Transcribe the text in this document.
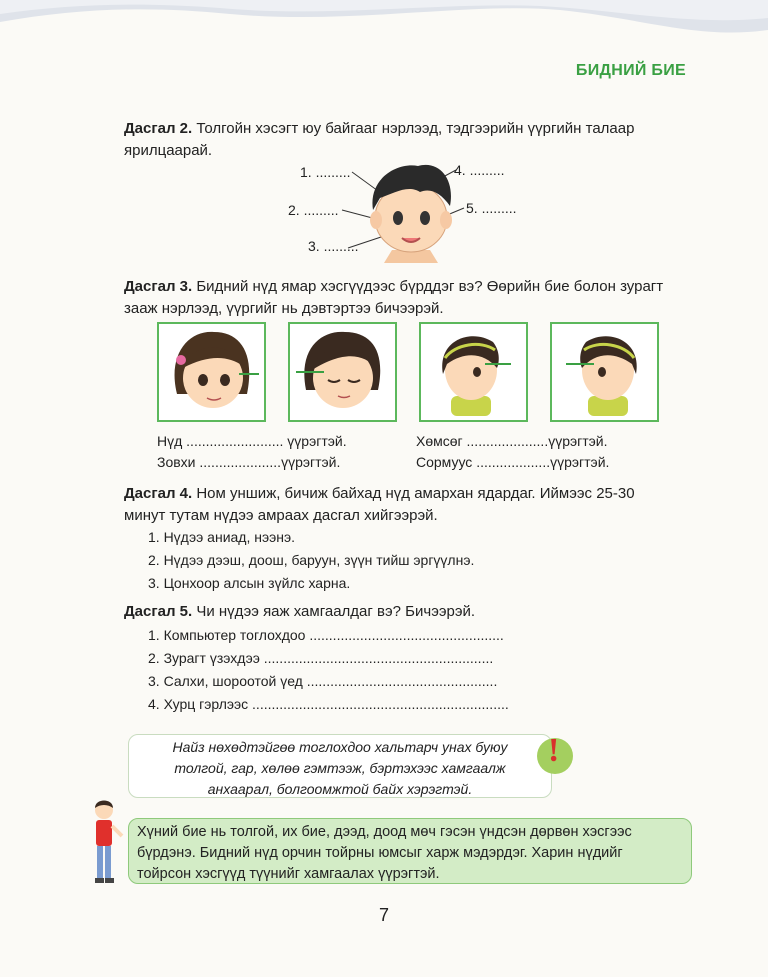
БИДНИЙ БИЕ
Дасгал 2. Толгойн хэсэгт юу байгааг нэрлээд, тэдгээрийн үүргийн талаар
ярилцаарай.
1. .........
2. .........
3. .........
4. .........
5. .........
Дасгал 3. Бидний нүд ямар хэсгүүдээс бүрддэг вэ? Өөрийн бие болон зурагт
зааж нэрлээд, үүргийг нь дэвтэртээ бичээрэй.
Нүд ......................... үүрэгтэй.
Зовхи .....................үүрэгтэй.
Хөмсөг .....................үүрэгтэй.
Сормуус ...................үүрэгтэй.
Дасгал 4. Ном уншиж, бичиж байхад нүд амархан ядардаг. Иймээс 25-30
минут тутам нүдээ амраах дасгал хийгээрэй.
1. Нүдээ аниад, нээнэ.
2. Нүдээ дээш, доош, баруун, зүүн тийш эргүүлнэ.
3. Цонхоор алсын зүйлс харна.
Дасгал 5. Чи нүдээ яаж хамгаалдаг вэ? Бичээрэй.
1. Компьютер тоглохдоо ..................................................
2. Зурагт үзэхдээ ...........................................................
3. Салхи, шороотой үед .................................................
4. Хурц гэрлээс ..................................................................
Найз нөхөдтэйгөө тоглохдоо хальтарч унах буюу
толгой, гар, хөлөө гэмтээж, бэртэхээс хамгаалж
анхаарал, болгоомжтой байх хэрэгтэй.
!
Хүний бие нь толгой, их бие, дээд, доод мөч гэсэн үндсэн дөрвөн хэсгээс
бүрдэнэ. Бидний нүд орчин тойрны юмсыг харж мэдэрдэг. Харин нүдийг
тойрсон хэсгүүд түүнийг хамгаалах үүрэгтэй.
7
